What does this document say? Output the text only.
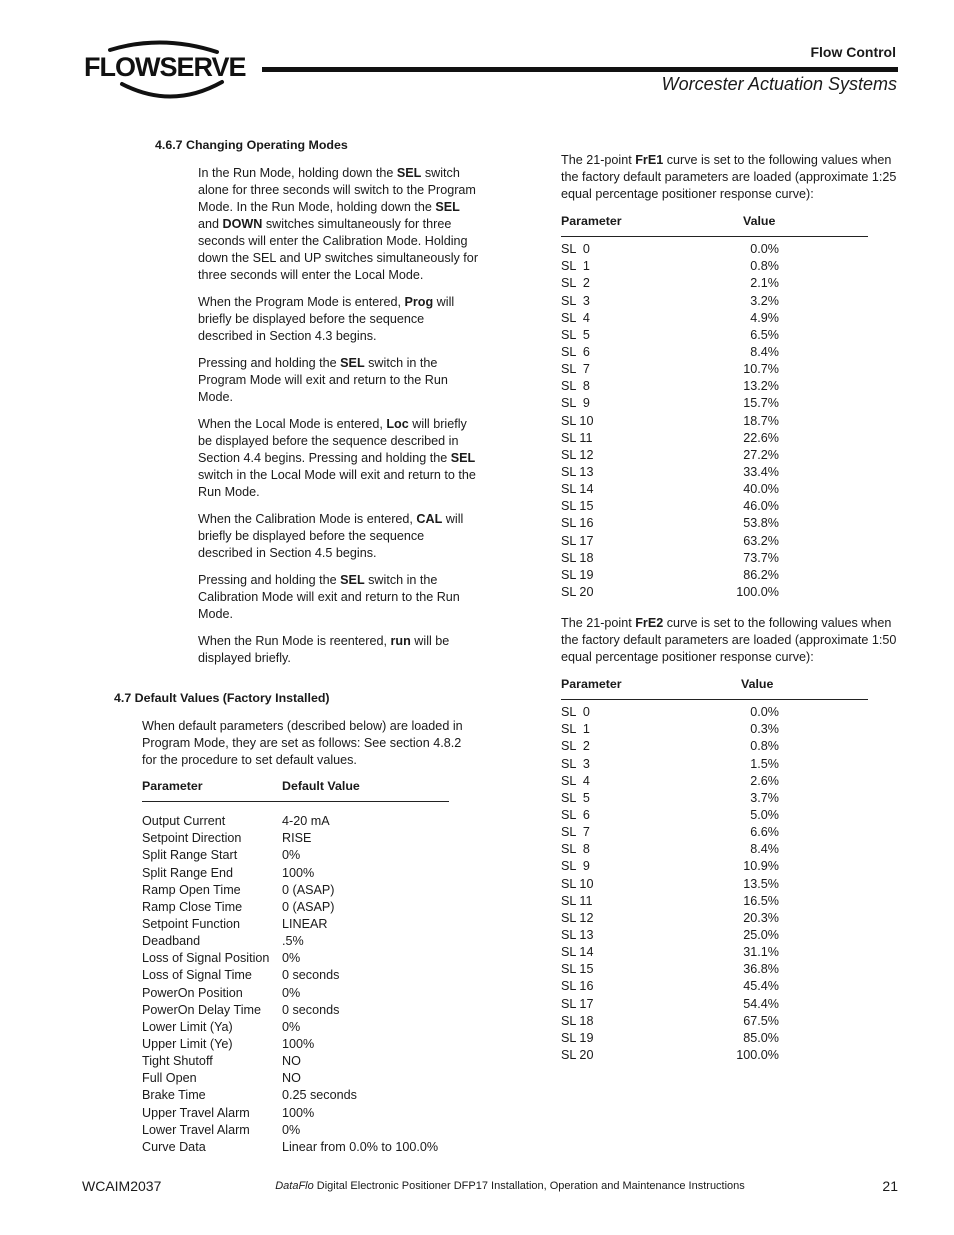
FLOWSERVE	Flow Control
Worcester Actuation Systems
4.6.7 Changing Operating Modes

In the Run Mode, holding down the SEL switch alone for three seconds will switch to the Program Mode. In the Run Mode, holding down the SEL and DOWN switches simultaneously for three seconds will enter the Calibration Mode. Holding down the SEL and UP switches simultaneously for three seconds will enter the Local Mode.

When the Program Mode is entered, Prog will briefly be displayed before the sequence described in Section 4.3 begins.

Pressing and holding the SEL switch in the Program Mode will exit and return to the Run Mode.

When the Local Mode is entered, Loc will briefly be displayed before the sequence described in Section 4.4 begins. Pressing and holding the SEL switch in the Local Mode will exit and return to the Run Mode.

When the Calibration Mode is entered, CAL will briefly be displayed before the sequence described in Section 4.5 begins.

Pressing and holding the SEL switch in the Calibration Mode will exit and return to the Run Mode.

When the Run Mode is reentered, run will be displayed briefly.

4.7 Default Values (Factory Installed)
When default parameters (described below) are loaded in Program Mode, they are set as follows: See section 4.8.2 for the procedure to set default values.
Parameter	Default Value
Output Current	4-20 mA
Setpoint Direction	RISE
Split Range Start	0%
Split Range End	100%
Ramp Open Time	0 (ASAP)
Ramp Close Time	0 (ASAP)
Setpoint Function	LINEAR
Deadband	.5%
Loss of Signal Position 0%
Loss of Signal Time 0 seconds
PowerOn Position	0%
PowerOn Delay Time 0 seconds
Lower Limit (Ya)	0%
Upper Limit (Ye)	100%
Tight Shutoff	NO
Full Open	NO
Brake Time	0.25 seconds
Upper Travel Alarm	100%
Lower Travel Alarm	0%
Curve Data	Linear from 0.0% to 100.0%
The 21-point FrE1 curve is set to the following values when the factory default parameters are loaded (approximate 1:25 equal percentage positioner response curve):
Parameter	Value
SL  0	0.0%
SL  1	0.8%
SL  2	2.1%
SL  3	3.2%
SL  4	4.9%
SL  5	6.5%
SL  6	8.4%
SL  7	10.7%
SL  8	13.2%
SL  9	15.7%
SL 10	18.7%
SL 11	22.6%
SL 12	27.2%
SL 13	33.4%
SL 14	40.0%
SL 15	46.0%
SL 16	53.8%
SL 17	63.2%
SL 18	73.7%
SL 19	86.2%
SL 20	100.0%
The 21-point FrE2 curve is set to the following values when the factory default parameters are loaded (approximate 1:50 equal percentage positioner response curve):
Parameter	Value
SL  0	0.0%
SL  1	0.3%
SL  2	0.8%
SL  3	1.5%
SL  4	2.6%
SL  5	3.7%
SL  6	5.0%
SL  7	6.6%
SL  8	8.4%
SL  9	10.9%
SL 10	13.5%
SL 11	16.5%
SL 12	20.3%
SL 13	25.0%
SL 14	31.1%
SL 15	36.8%
SL 16	45.4%
SL 17	54.4%
SL 18	67.5%
SL 19	85.0%
SL 20	100.0%
WCAIM2037	DataFlo Digital Electronic Positioner DFP17 Installation, Operation and Maintenance Instructions	21
